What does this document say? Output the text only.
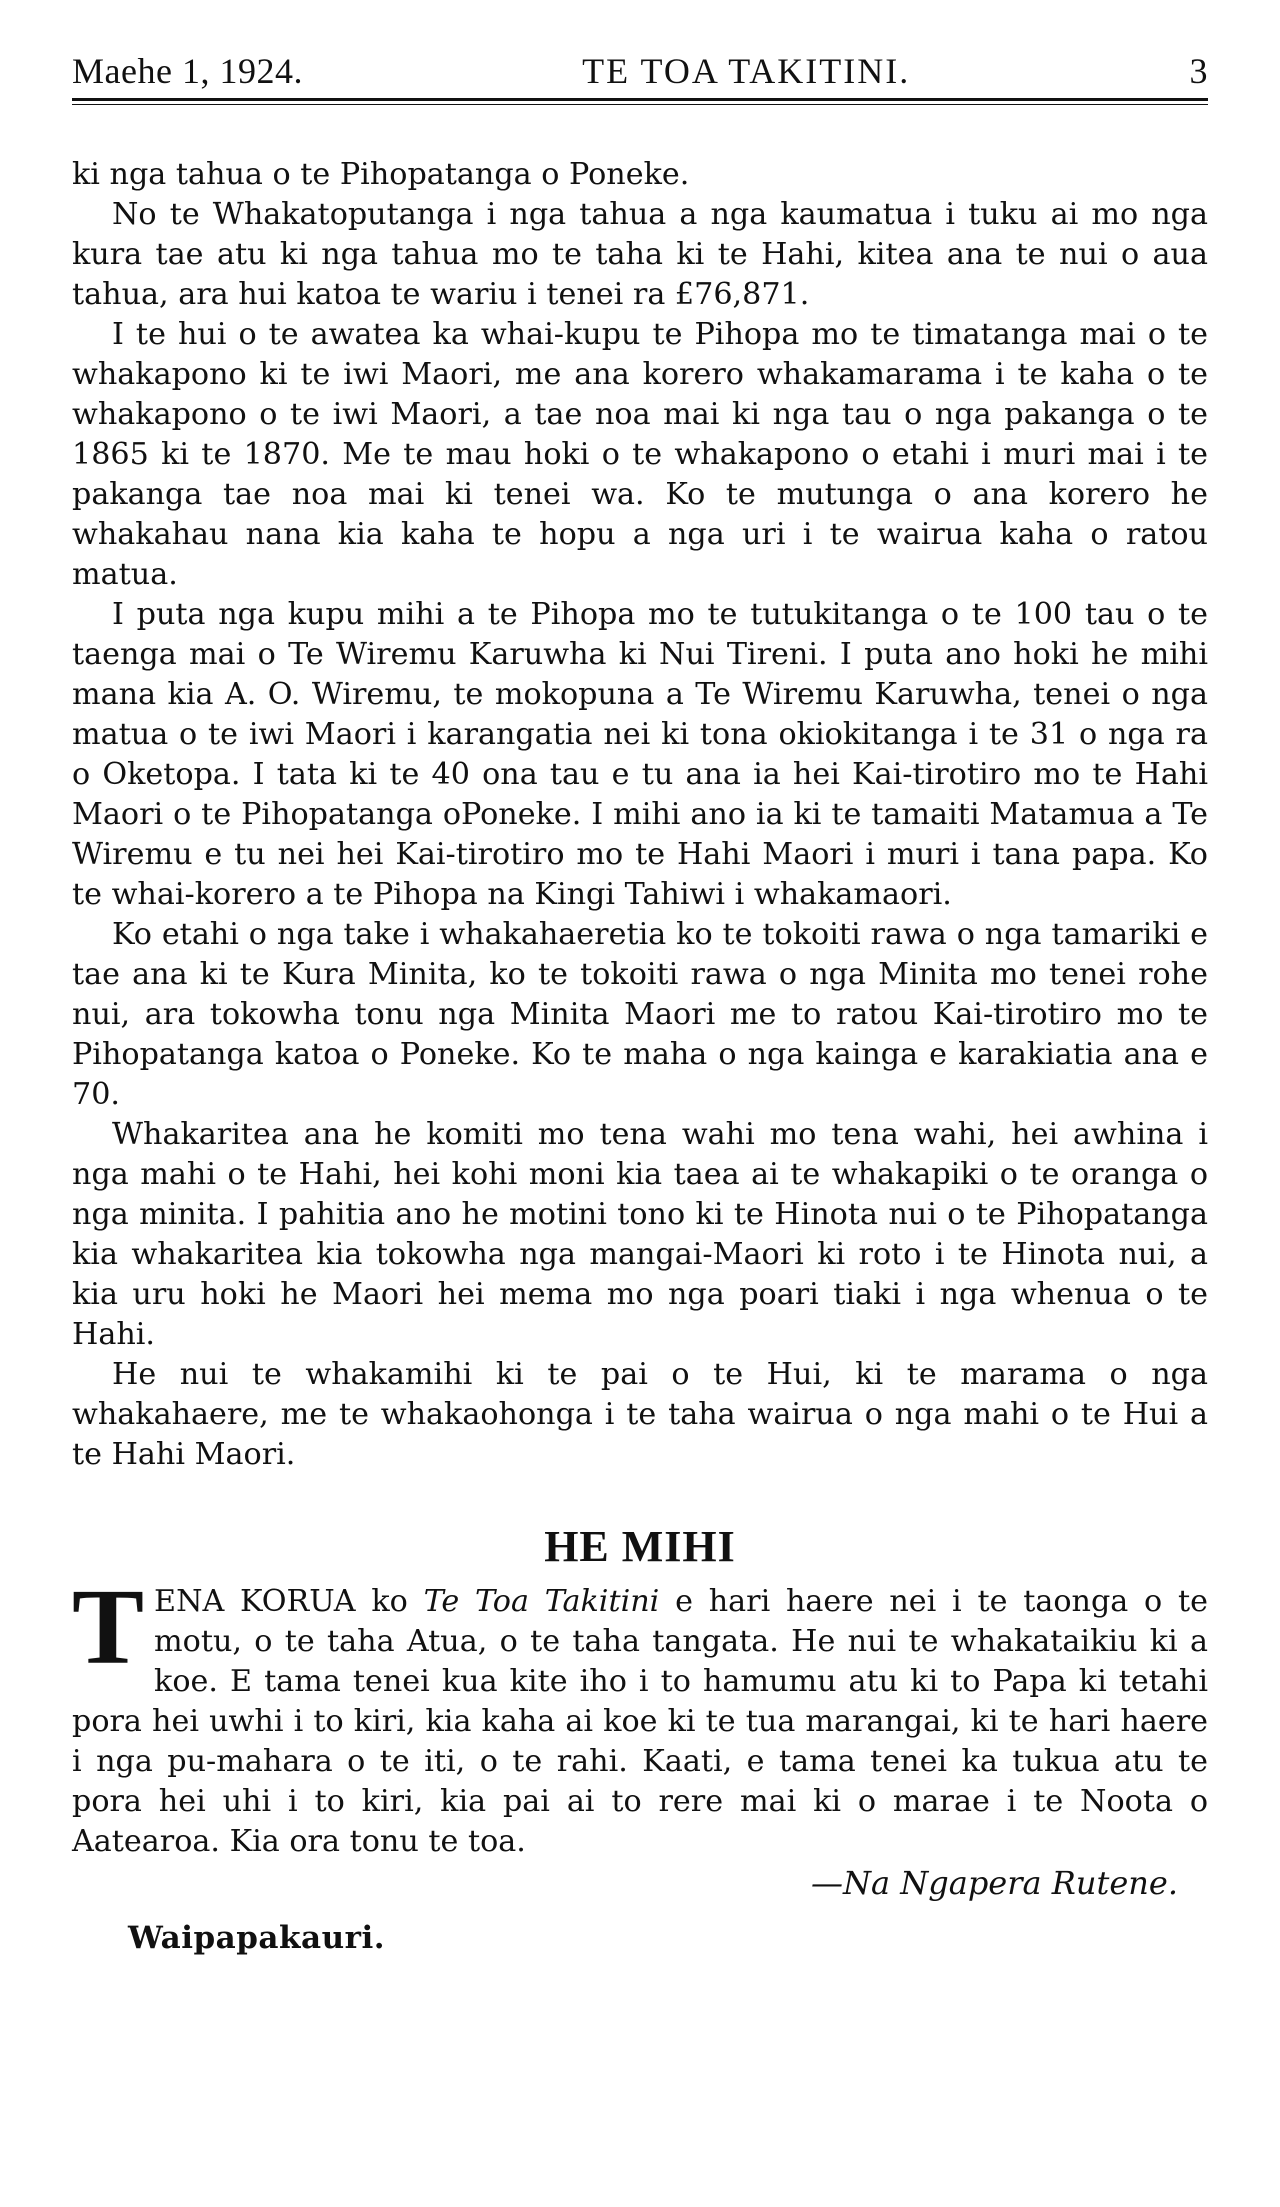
Maehe 1, 1924.	TE TOA TAKITINI.	3

ki nga tahua o te Pihopatanga o Poneke.

No te Whakatoputanga i nga tahua a nga kaumatua i tuku ai mo nga kura tae atu ki nga tahua mo te taha ki te Hahi, kitea ana te nui o aua tahua, ara hui katoa te wariu i tenei ra £76,871.

I te hui o te awatea ka whai-kupu te Pihopa mo te timatanga mai o te whakapono ki te iwi Maori, me ana korero whakamarama i te kaha o te whakapono o te iwi Maori, a tae noa mai ki nga tau o nga pakanga o te 1865 ki te 1870. Me te mau hoki o te whakapono o etahi i muri mai i te pakanga tae noa mai ki tenei wa. Ko te mutunga o ana korero he whakahau nana kia kaha te hopu a nga uri i te wairua kaha o ratou matua.

I puta nga kupu mihi a te Pihopa mo te tutukitanga o te 100 tau o te taenga mai o Te Wiremu Karuwha ki Nui Tireni. I puta ano hoki he mihi mana kia A. O. Wiremu, te mokopuna a Te Wiremu Karuwha, tenei o nga matua o te iwi Maori i karangatia nei ki tona okiokitanga i te 31 o nga ra o Oketopa. I tata ki te 40 ona tau e tu ana ia hei Kai-tirotiro mo te Hahi Maori o te Pihopatanga oPoneke. I mihi ano ia ki te tamaiti Matamua a Te Wiremu e tu nei hei Kai-tirotiro mo te Hahi Maori i muri i tana papa. Ko te whai-korero a te Pihopa na Kingi Tahiwi i whakamaori.

Ko etahi o nga take i whakahaeretia ko te tokoiti rawa o nga tamariki e tae ana ki te Kura Minita, ko te tokoiti rawa o nga Minita mo tenei rohe nui, ara tokowha tonu nga Minita Maori me to ratou Kai-tirotiro mo te Pihopatanga katoa o Poneke. Ko te maha o nga kainga e karakiatia ana e 70.

Whakaritea ana he komiti mo tena wahi mo tena wahi, hei awhina i nga mahi o te Hahi, hei kohi moni kia taea ai te whakapiki o te oranga o nga minita. I pahitia ano he motini tono ki te Hinota nui o te Pihopatanga kia whakaritea kia tokowha nga mangai-Maori ki roto i te Hinota nui, a kia uru hoki he Maori hei mema mo nga poari tiaki i nga whenua o te Hahi.

He nui te whakamihi ki te pai o te Hui, ki te marama o nga whakahaere, me te whakaohonga i te taha wairua o nga mahi o te Hui a te Hahi Maori.

HE MIHI
TENA KORUA ko Te Toa Takitini e hari haere nei i te taonga o te motu, o te taha Atua, o te taha tangata. He nui te whakataikiu ki a koe. E tama tenei kua kite iho i to hamumu atu ki to Papa ki tetahi pora hei uwhi i to kiri, kia kaha ai koe ki te tua marangai, ki te hari haere i nga pu-mahara o te iti, o te rahi. Kaati, e tama tenei ka tukua atu te pora hei uhi i to kiri, kia pai ai to rere mai ki o marae i te Noota o Aatearoa. Kia ora tonu te toa.
—Na Ngapera Rutene.
Waipapakauri.
